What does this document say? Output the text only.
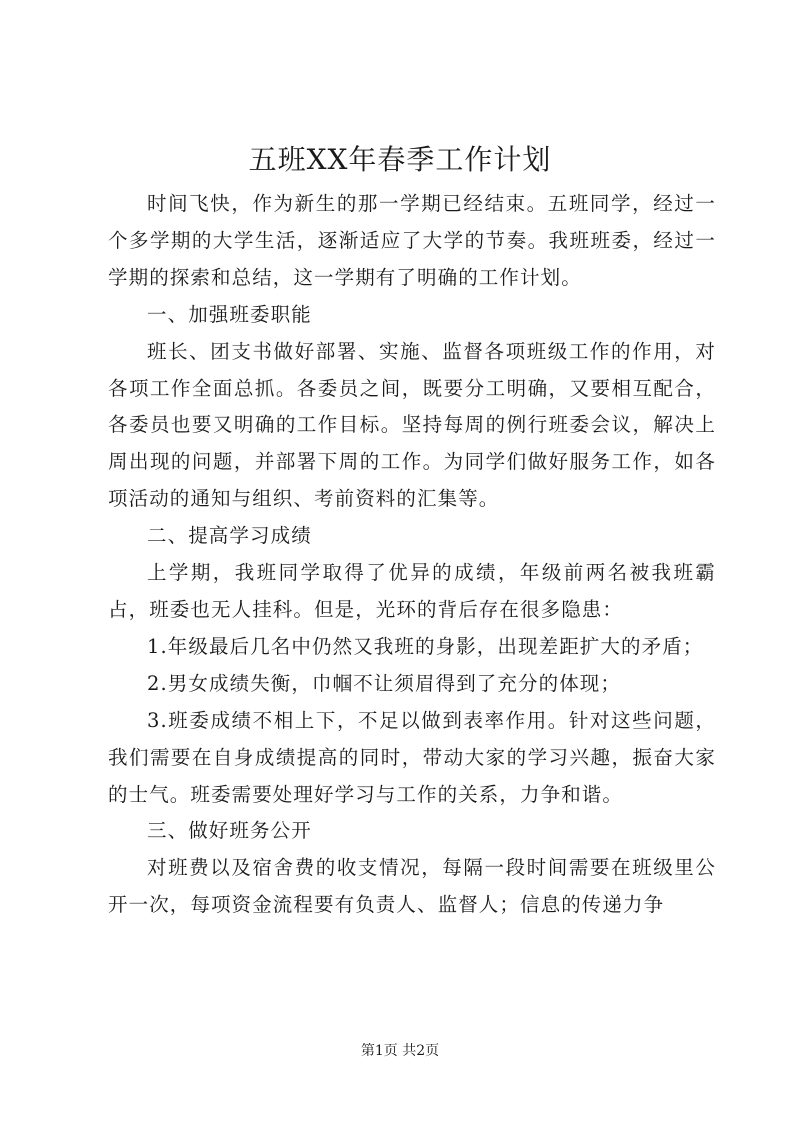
五班XX年春季工作计划

时间飞快，作为新生的那一学期已经结束。五班同学，经过一个多学期的大学生活，逐渐适应了大学的节奏。我班班委，经过一学期的探索和总结，这一学期有了明确的工作计划。

一、加强班委职能

班长、团支书做好部署、实施、监督各项班级工作的作用，对各项工作全面总抓。各委员之间，既要分工明确，又要相互配合，各委员也要又明确的工作目标。坚持每周的例行班委会议，解决上周出现的问题，并部署下周的工作。为同学们做好服务工作，如各项活动的通知与组织、考前资料的汇集等。

二、提高学习成绩

上学期，我班同学取得了优异的成绩，年级前两名被我班霸占，班委也无人挂科。但是，光环的背后存在很多隐患：

1.年级最后几名中仍然又我班的身影，出现差距扩大的矛盾；

2.男女成绩失衡，巾帼不让须眉得到了充分的体现；

3.班委成绩不相上下，不足以做到表率作用。针对这些问题，我们需要在自身成绩提高的同时，带动大家的学习兴趣，振奋大家的士气。班委需要处理好学习与工作的关系，力争和谐。

三、做好班务公开

对班费以及宿舍费的收支情况，每隔一段时间需要在班级里公开一次，每项资金流程要有负责人、监督人；信息的传递力争

第1页 共2页
